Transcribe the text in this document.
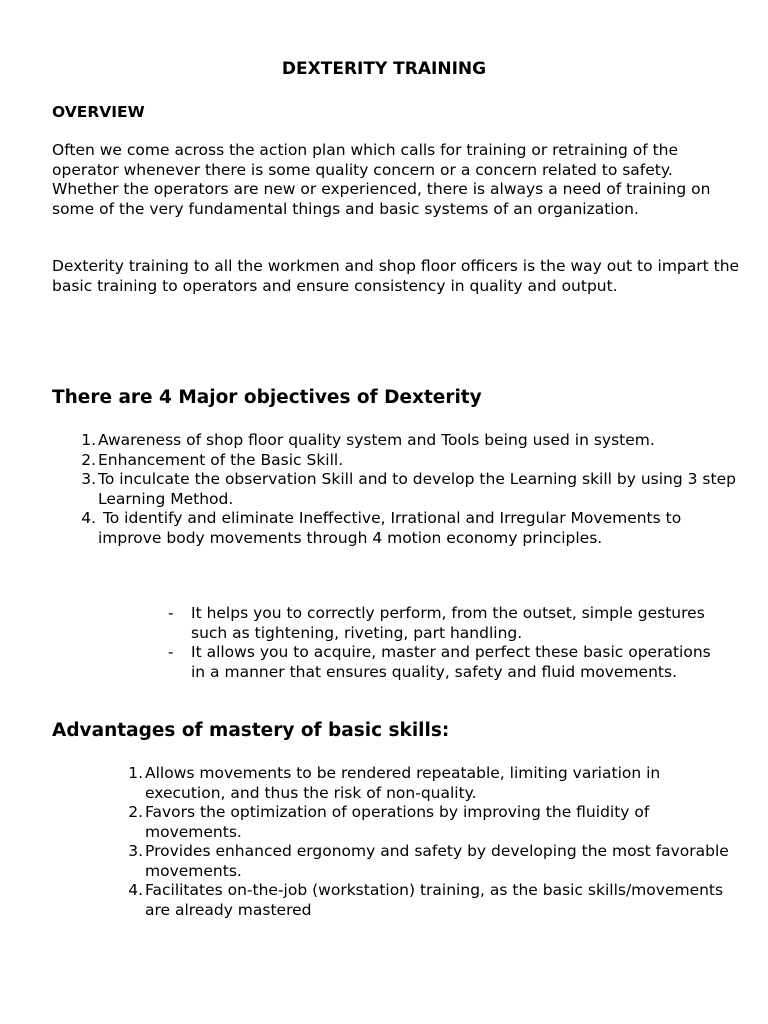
DEXTERITY TRAINING
OVERVIEW

Often we come across the action plan which calls for training or retraining of the operator whenever there is some quality concern or a concern related to safety. Whether the operators are new or experienced, there is always a need of training on some of the very fundamental things and basic systems of an organization.

Dexterity training to all the workmen and shop floor officers is the way out to impart the basic training to operators and ensure consistency in quality and output.

There are 4 Major objectives of Dexterity
1. Awareness of shop floor quality system and Tools being used in system.
2. Enhancement of the Basic Skill.
3. To inculcate the observation Skill and to develop the Learning skill by using 3 step Learning Method.
4. To identify and eliminate Ineffective, Irrational and Irregular Movements to improve body movements through 4 motion economy principles.
- It helps you to correctly perform, from the outset, simple gestures such as tightening, riveting, part handling.
- It allows you to acquire, master and perfect these basic operations in a manner that ensures quality, safety and fluid movements.
Advantages of mastery of basic skills:
1. Allows movements to be rendered repeatable, limiting variation in execution, and thus the risk of non-quality.
2. Favors the optimization of operations by improving the fluidity of movements.
3. Provides enhanced ergonomy and safety by developing the most favorable movements.
4. Facilitates on-the-job (workstation) training, as the basic skills/movements are already mastered
